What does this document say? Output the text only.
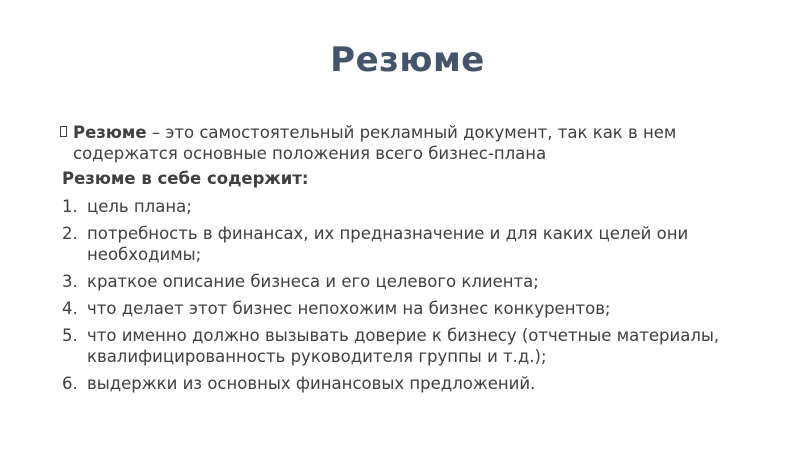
Резюме
Резюме – это самостоятельный рекламный документ, так как в нем
содержатся основные положения всего бизнес-плана
Резюме в себе содержит:
1. цель плана;
2. потребность в финансах, их предназначение и для каких целей они необходимы;
3. краткое описание бизнеса и его целевого клиента;
4. что делает этот бизнес непохожим на бизнес конкурентов;
5. что именно должно вызывать доверие к бизнесу (отчетные материалы, квалифицированность руководителя группы и т.д.);
6. выдержки из основных финансовых предложений.
